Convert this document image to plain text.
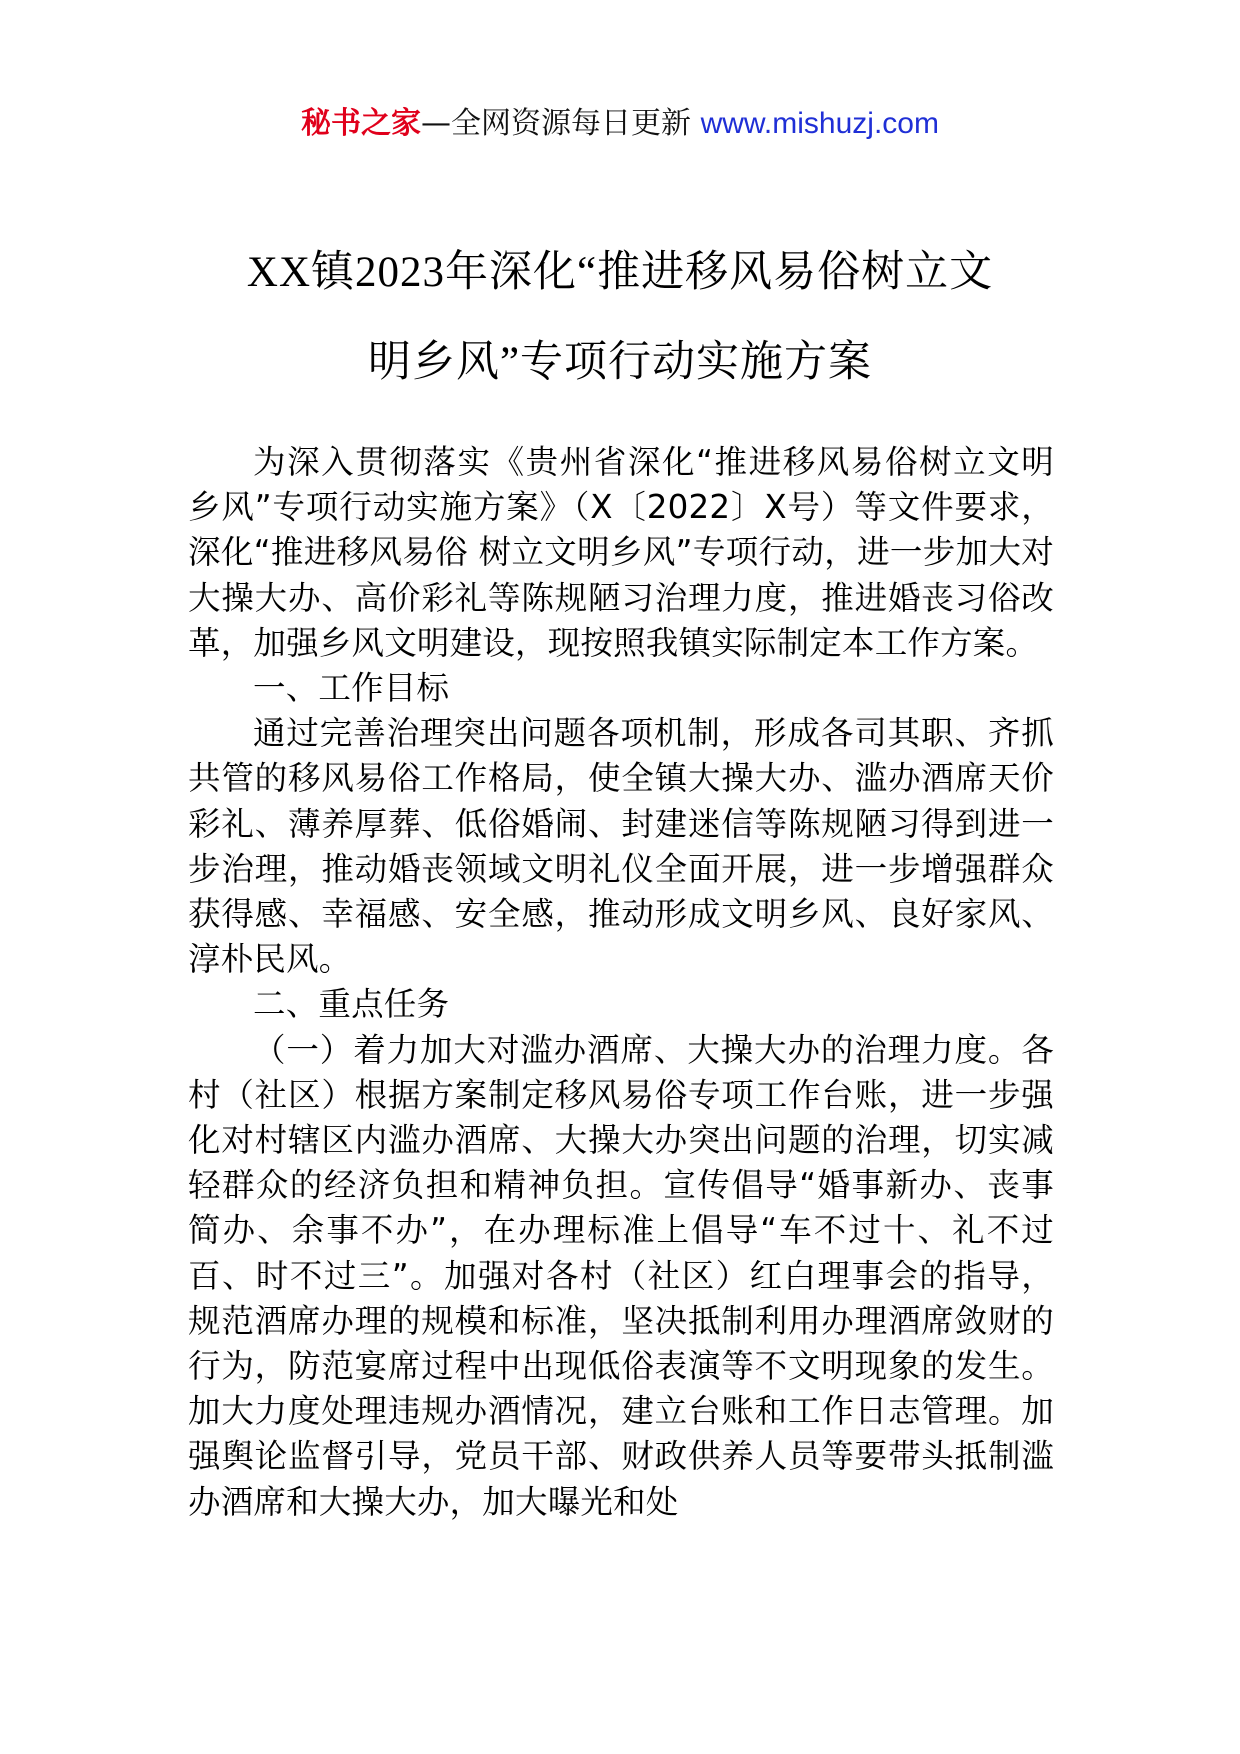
秘书之家—全网资源每日更新 www.mishuzj.com
XX镇2023年深化“推进移风易俗树立文
明乡风”专项行动实施方案

为深入贯彻落实《贵州省深化“推进移风易俗树立文明乡风”专项行动实施方案》（X〔2022〕X号）等文件要求，深化“推进移风易俗 树立文明乡风”专项行动，进一步加大对大操大办、高价彩礼等陈规陋习治理力度，推进婚丧习俗改革，加强乡风文明建设，现按照我镇实际制定本工作方案。

一、工作目标

通过完善治理突出问题各项机制，形成各司其职、齐抓共管的移风易俗工作格局，使全镇大操大办、滥办酒席天价彩礼、薄养厚葬、低俗婚闹、封建迷信等陈规陋习得到进一步治理，推动婚丧领域文明礼仪全面开展，进一步增强群众获得感、幸福感、安全感，推动形成文明乡风、良好家风、淳朴民风。

二、重点任务

（一）着力加大对滥办酒席、大操大办的治理力度。各村（社区）根据方案制定移风易俗专项工作台账，进一步强化对村辖区内滥办酒席、大操大办突出问题的治理，切实减轻群众的经济负担和精神负担。宣传倡导“婚事新办、丧事简办、余事不办”，在办理标准上倡导“车不过十、礼不过百、时不过三”。加强对各村（社区）红白理事会的指导，规范酒席办理的规模和标准，坚决抵制利用办理酒席敛财的行为，防范宴席过程中出现低俗表演等不文明现象的发生。加大力度处理违规办酒情况，建立台账和工作日志管理。加强舆论监督引导，党员干部、财政供养人员等要带头抵制滥办酒席和大操大办，加大曝光和处
